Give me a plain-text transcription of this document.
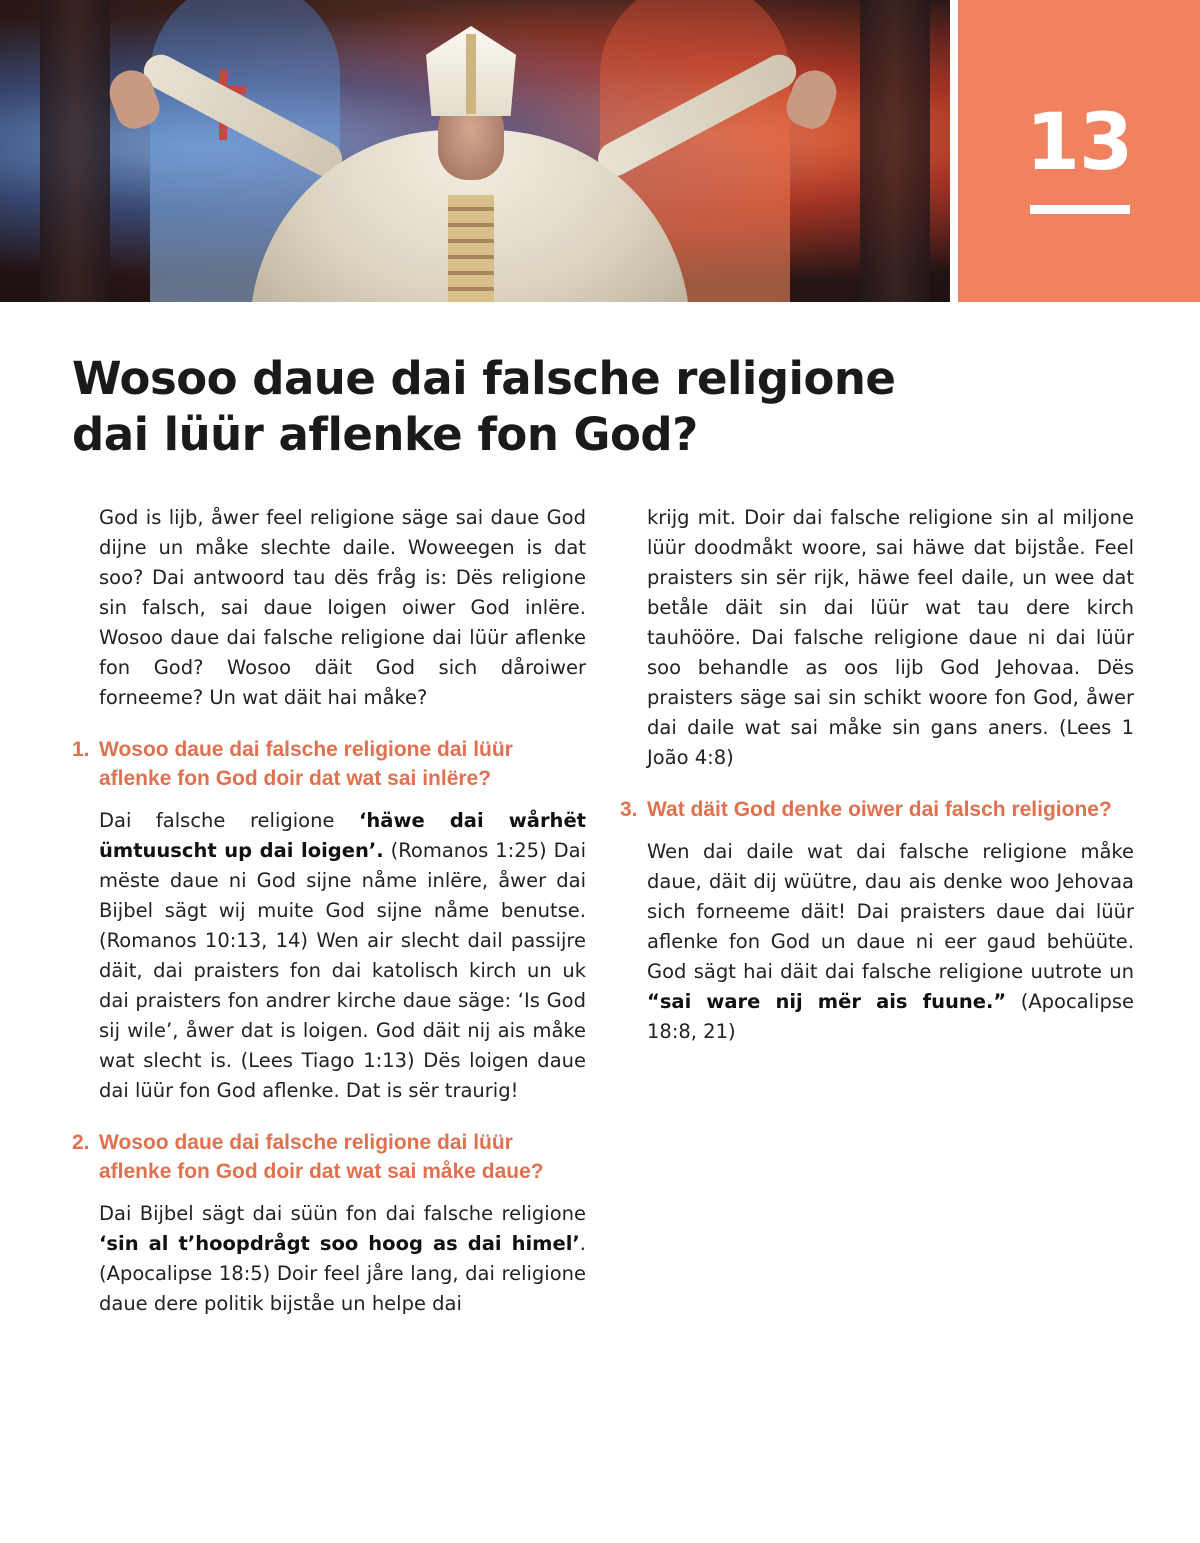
13
Wosoo daue dai falsche religione
dai lüür aflenke fon God?

God is lijb, åwer feel religione säge sai daue God dijne un måke slechte daile. Woweegen is dat soo? Dai antwoord tau dës fråg is: Dës religione sin falsch, sai daue loigen oiwer God inlëre. Wosoo daue dai falsche religione dai lüür aflenke fon God? Wosoo däit God sich dåroiwer forneeme? Un wat däit hai måke?

1. Wosoo daue dai falsche religione dai lüür aflenke fon God doir dat wat sai inlëre?

Dai falsche religione ‘häwe dai wårhët ümtuuscht up dai loigen’. (Romanos 1:25) Dai mëste daue ni God sijne nåme inlëre, åwer dai Bijbel sägt wij muite God sijne nåme benutse. (Romanos 10:13, 14) Wen air slecht dail passijre däit, dai praisters fon dai katolisch kirch un uk dai praisters fon andrer kirche daue säge: ‘Is God sij wile’, åwer dat is loigen. God däit nij ais måke wat slecht is. (Lees Tiago 1:13) Dës loigen daue dai lüür fon God aflenke. Dat is sër traurig!

2. Wosoo daue dai falsche religione dai lüür aflenke fon God doir dat wat sai måke daue?

Dai Bijbel sägt dai süün fon dai falsche religione ‘sin al t’hoopdrågt soo hoog as dai himel’. (Apocalipse 18:5) Doir feel jåre lang, dai religione daue dere politik bijståe un helpe dai

krijg mit. Doir dai falsche religione sin al miljone lüür doodmåkt woore, sai häwe dat bijståe. Feel praisters sin sër rijk, häwe feel daile, un wee dat betåle däit sin dai lüür wat tau dere kirch tauhööre. Dai falsche religione daue ni dai lüür soo behandle as oos lijb God Jehovaa. Dës praisters säge sai sin schikt woore fon God, åwer dai daile wat sai måke sin gans aners. (Lees 1 João 4:8)

3. Wat däit God denke oiwer dai falsch religione?

Wen dai daile wat dai falsche religione måke daue, däit dij wüütre, dau ais denke woo Jehovaa sich forneeme däit! Dai praisters daue dai lüür aflenke fon God un daue ni eer gaud behüüte. God sägt hai däit dai falsche religione uutrote un “sai ware nij mër ais fuune.” (Apocalipse 18:8, 21)
